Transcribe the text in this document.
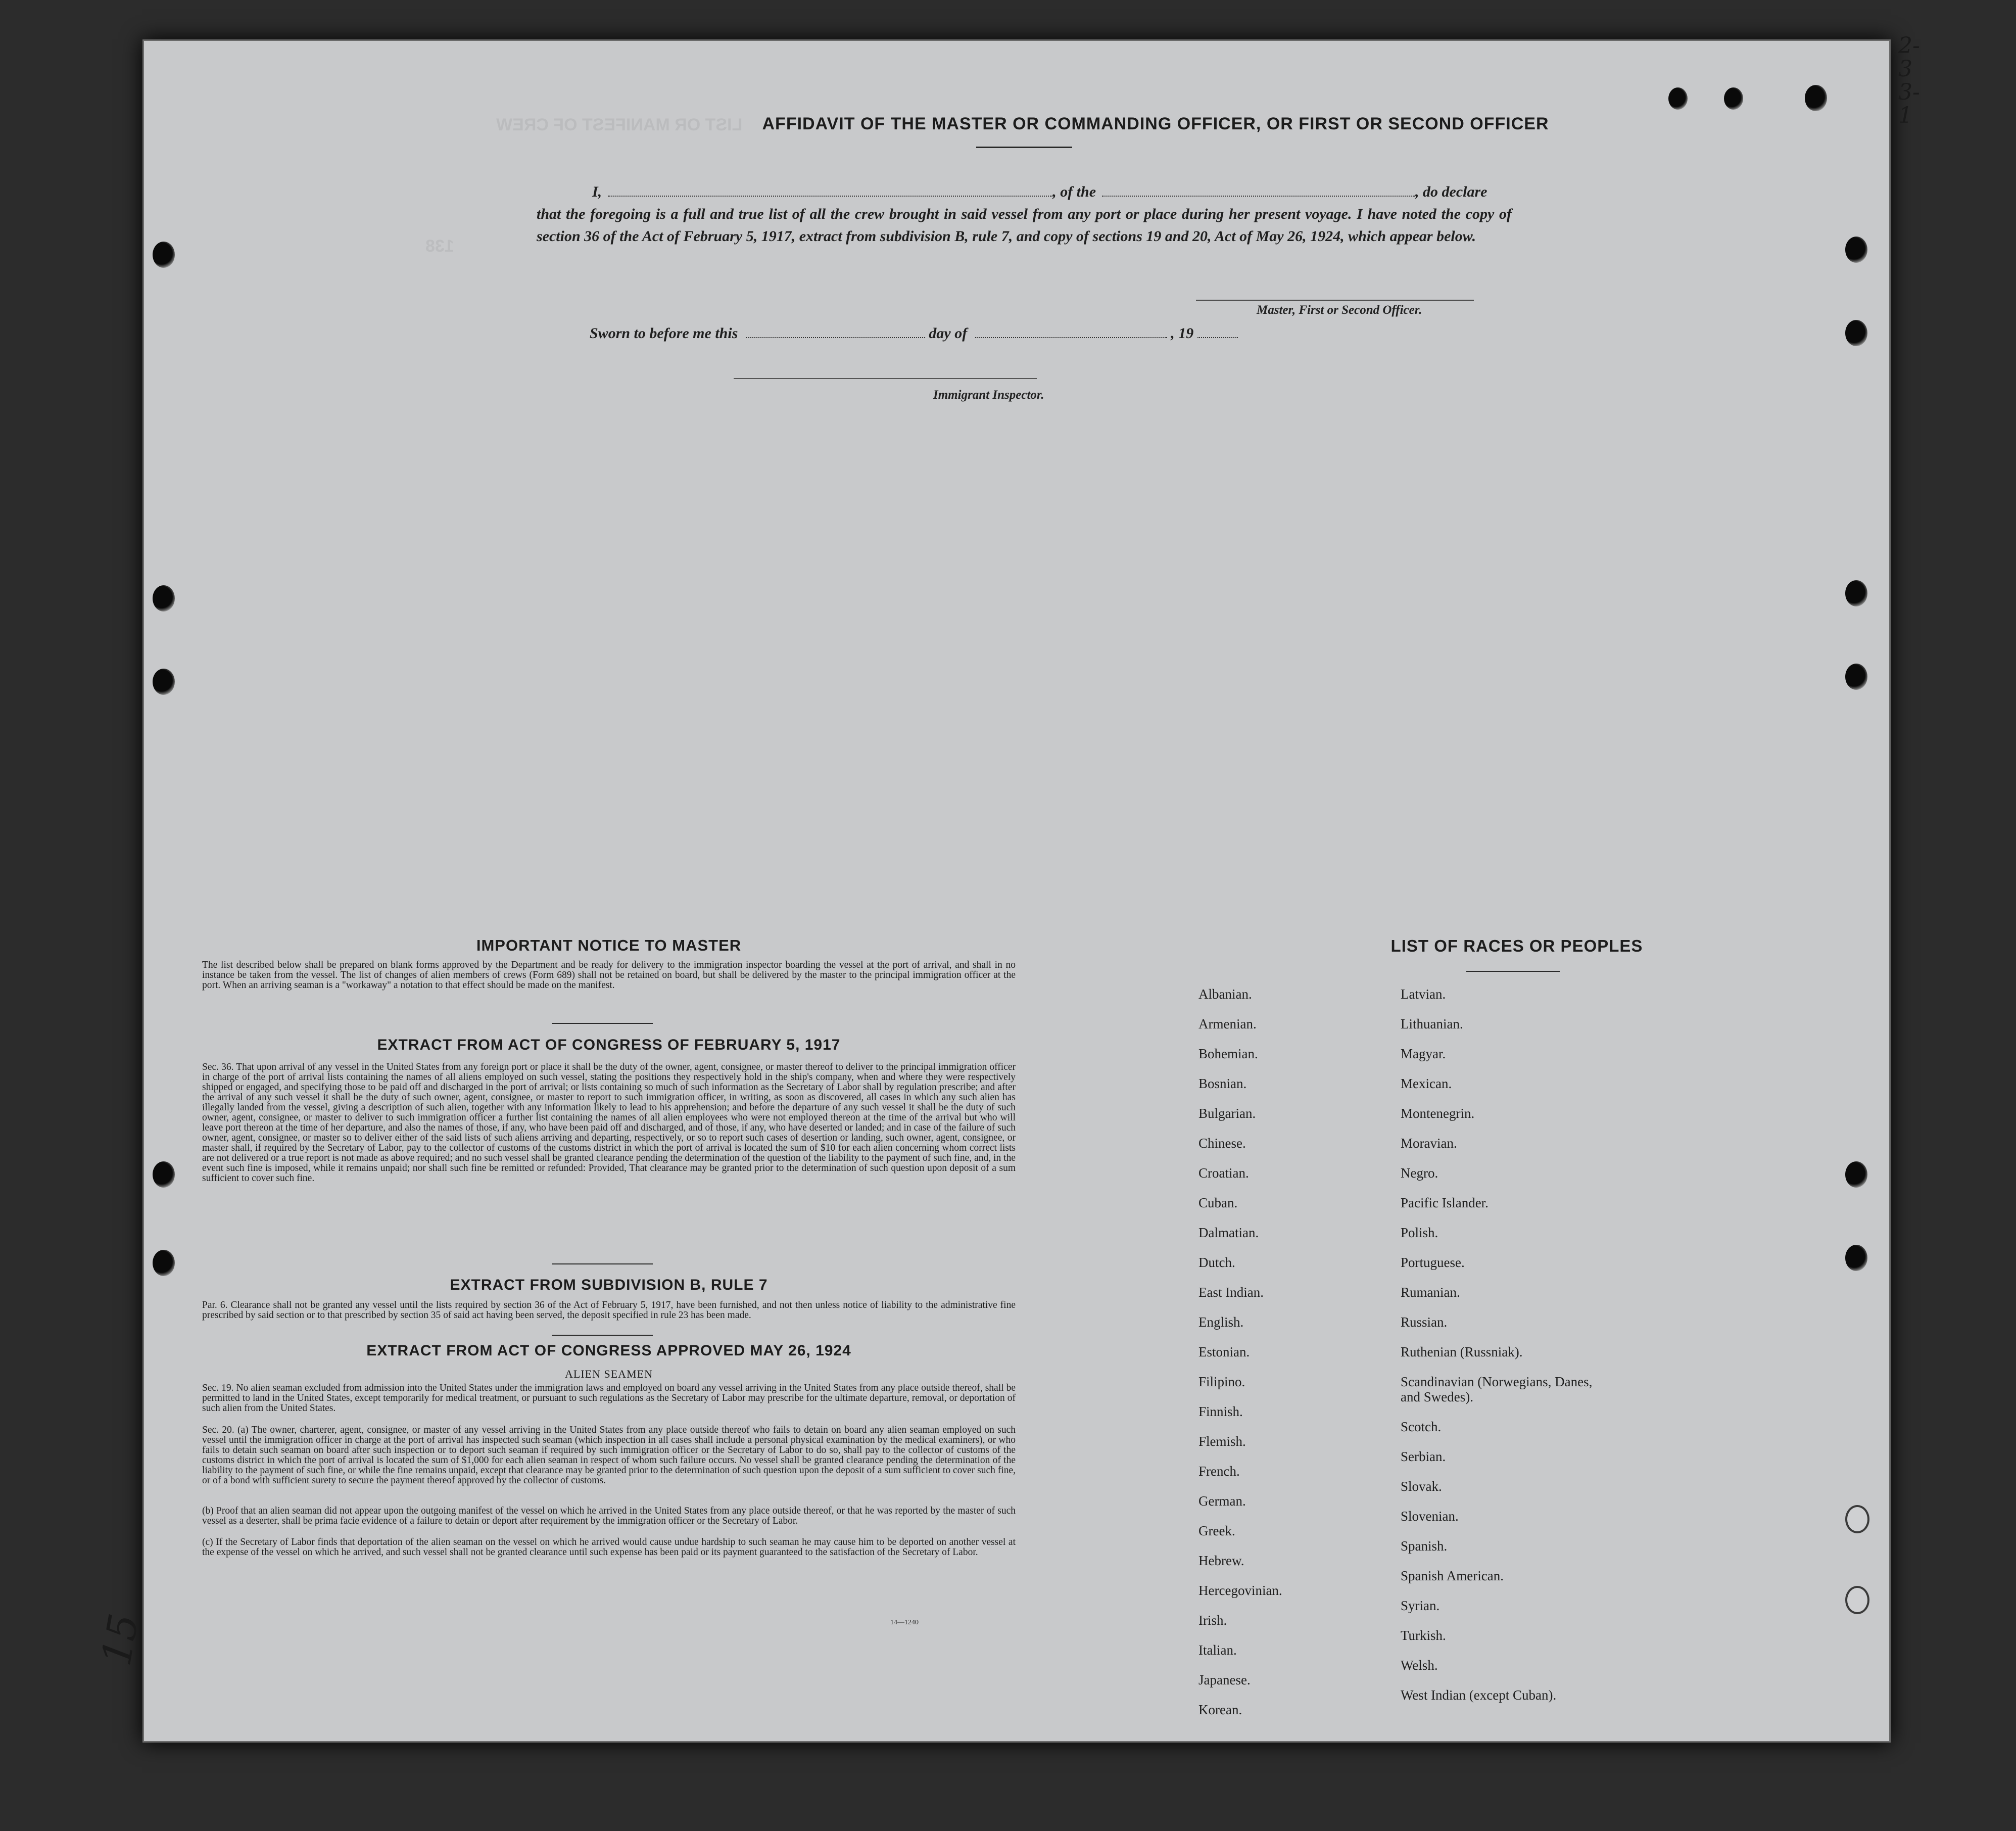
LIST OR MANIFEST OF CREW
138
AFFIDAVIT OF THE MASTER OR COMMANDING OFFICER, OR FIRST OR SECOND OFFICER
I,	, of the	, do declare
that the foregoing is a full and true list of all the crew brought in said vessel from any port or place during her present voyage. I have noted the copy of section 36 of the Act of February 5, 1917, extract from subdivision B, rule 7, and copy of sections 19 and 20, Act of May 26, 1924, which appear below.
Master, First or Second Officer.
Sworn to before me this	day of	, 19
Immigrant Inspector.
IMPORTANT NOTICE TO MASTER
The list described below shall be prepared on blank forms approved by the Department and be ready for delivery to the immigration inspector boarding the vessel at the port of arrival, and shall in no instance be taken from the vessel. The list of changes of alien members of crews (Form 689) shall not be retained on board, but shall be delivered by the master to the principal immigration officer at the port. When an arriving seaman is a "workaway" a notation to that effect should be made on the manifest.
EXTRACT FROM ACT OF CONGRESS OF FEBRUARY 5, 1917
Sec. 36. That upon arrival of any vessel in the United States from any foreign port or place it shall be the duty of the owner, agent, consignee, or master thereof to deliver to the principal immigration officer in charge of the port of arrival lists containing the names of all aliens employed on such vessel, stating the positions they respectively hold in the ship's company, when and where they were respectively shipped or engaged, and specifying those to be paid off and discharged in the port of arrival; or lists containing so much of such information as the Secretary of Labor shall by regulation prescribe; and after the arrival of any such vessel it shall be the duty of such owner, agent, consignee, or master to report to such immigration officer, in writing, as soon as discovered, all cases in which any such alien has illegally landed from the vessel, giving a description of such alien, together with any information likely to lead to his apprehension; and before the departure of any such vessel it shall be the duty of such owner, agent, consignee, or master to deliver to such immigration officer a further list containing the names of all alien employees who were not employed thereon at the time of the arrival but who will leave port thereon at the time of her departure, and also the names of those, if any, who have been paid off and discharged, and of those, if any, who have deserted or landed; and in case of the failure of such owner, agent, consignee, or master so to deliver either of the said lists of such aliens arriving and departing, respectively, or so to report such cases of desertion or landing, such owner, agent, consignee, or master shall, if required by the Secretary of Labor, pay to the collector of customs of the customs district in which the port of arrival is located the sum of $10 for each alien concerning whom correct lists are not delivered or a true report is not made as above required; and no such vessel shall be granted clearance pending the determination of the question of the liability to the payment of such fine, and, in the event such fine is imposed, while it remains unpaid; nor shall such fine be remitted or refunded: Provided, That clearance may be granted prior to the determination of such question upon deposit of a sum sufficient to cover such fine.
EXTRACT FROM SUBDIVISION B, RULE 7
Par. 6. Clearance shall not be granted any vessel until the lists required by section 36 of the Act of February 5, 1917, have been furnished, and not then unless notice of liability to the administrative fine prescribed by said section or to that prescribed by section 35 of said act having been served, the deposit specified in rule 23 has been made.
EXTRACT FROM ACT OF CONGRESS APPROVED MAY 26, 1924
ALIEN SEAMEN
Sec. 19. No alien seaman excluded from admission into the United States under the immigration laws and employed on board any vessel arriving in the United States from any place outside thereof, shall be permitted to land in the United States, except temporarily for medical treatment, or pursuant to such regulations as the Secretary of Labor may prescribe for the ultimate departure, removal, or deportation of such alien from the United States.
Sec. 20. (a) The owner, charterer, agent, consignee, or master of any vessel arriving in the United States from any place outside thereof who fails to detain on board any alien seaman employed on such vessel until the immigration officer in charge at the port of arrival has inspected such seaman (which inspection in all cases shall include a personal physical examination by the medical examiners), or who fails to detain such seaman on board after such inspection or to deport such seaman if required by such immigration officer or the Secretary of Labor to do so, shall pay to the collector of customs of the customs district in which the port of arrival is located the sum of $1,000 for each alien seaman in respect of whom such failure occurs. No vessel shall be granted clearance pending the determination of the liability to the payment of such fine, or while the fine remains unpaid, except that clearance may be granted prior to the determination of such question upon the deposit of a sum sufficient to cover such fine, or of a bond with sufficient surety to secure the payment thereof approved by the collector of customs.
(b) Proof that an alien seaman did not appear upon the outgoing manifest of the vessel on which he arrived in the United States from any place outside thereof, or that he was reported by the master of such vessel as a deserter, shall be prima facie evidence of a failure to detain or deport after requirement by the immigration officer or the Secretary of Labor.
(c) If the Secretary of Labor finds that deportation of the alien seaman on the vessel on which he arrived would cause undue hardship to such seaman he may cause him to be deported on another vessel at the expense of the vessel on which he arrived, and such vessel shall not be granted clearance until such expense has been paid or its payment guaranteed to the satisfaction of the Secretary of Labor.
14—1240
LIST OF RACES OR PEOPLES
Albanian.
Armenian.
Bohemian.
Bosnian.
Bulgarian.
Chinese.
Croatian.
Cuban.
Dalmatian.
Dutch.
East Indian.
English.
Estonian.
Filipino.
Finnish.
Flemish.
French.
German.
Greek.
Hebrew.
Hercegovinian.
Irish.
Italian.
Japanese.
Korean.
Latvian.
Lithuanian.
Magyar.
Mexican.
Montenegrin.
Moravian.
Negro.
Pacific Islander.
Polish.
Portuguese.
Rumanian.
Russian.
Ruthenian (Russniak).
Scandinavian (Norwegians, Danes, and Swedes).
Scotch.
Serbian.
Slovak.
Slovenian.
Spanish.
Spanish American.
Syrian.
Turkish.
Welsh.
West Indian (except Cuban).
2-3
3-1
15
